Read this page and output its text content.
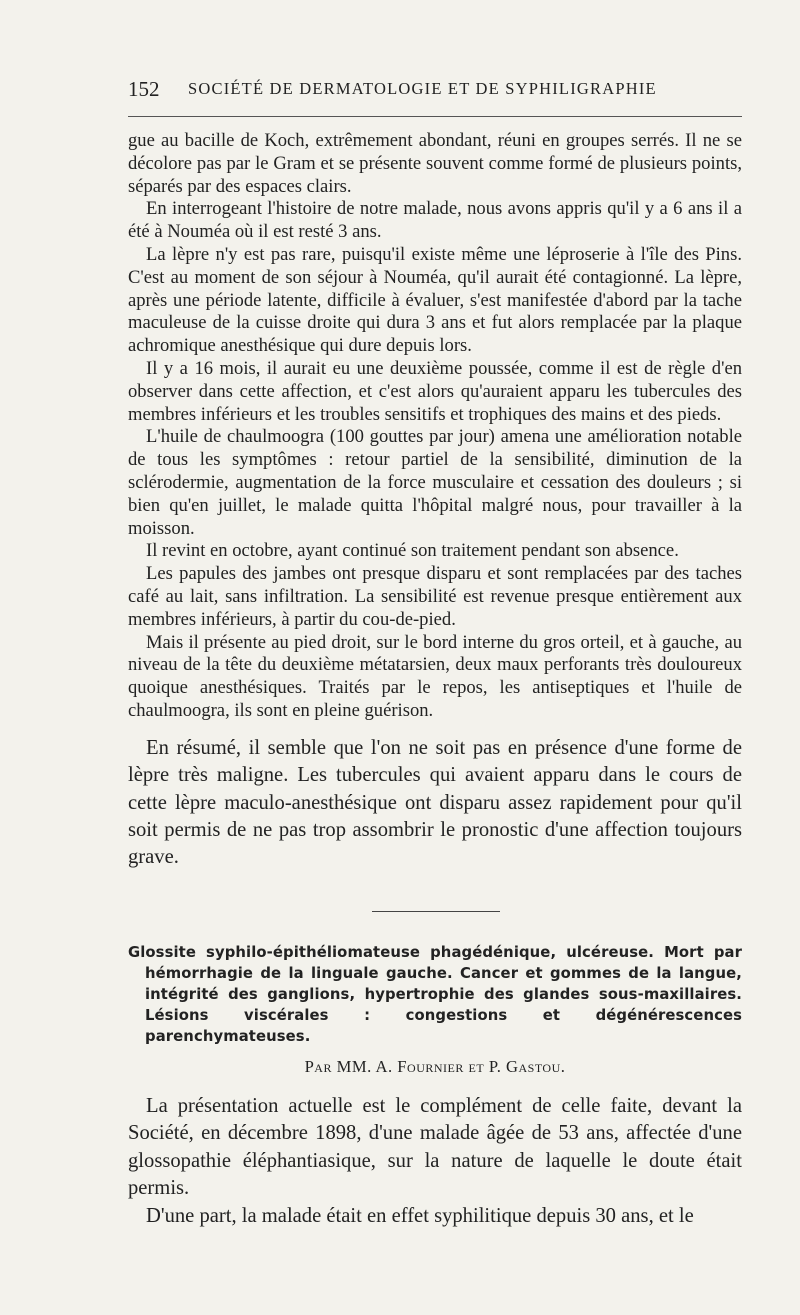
152 SOCIÉTÉ DE DERMATOLOGIE ET DE SYPHILIGRAPHIE

gue au bacille de Koch, extrêmement abondant, réuni en groupes serrés. Il ne se décolore pas par le Gram et se présente souvent comme formé de plusieurs points, séparés par des espaces clairs.

En interrogeant l'histoire de notre malade, nous avons appris qu'il y a 6 ans il a été à Nouméa où il est resté 3 ans.

La lèpre n'y est pas rare, puisqu'il existe même une léproserie à l'île des Pins. C'est au moment de son séjour à Nouméa, qu'il aurait été contagionné. La lèpre, après une période latente, difficile à évaluer, s'est manifestée d'abord par la tache maculeuse de la cuisse droite qui dura 3 ans et fut alors remplacée par la plaque achromique anesthésique qui dure depuis lors.

Il y a 16 mois, il aurait eu une deuxième poussée, comme il est de règle d'en observer dans cette affection, et c'est alors qu'auraient apparu les tubercules des membres inférieurs et les troubles sensitifs et trophiques des mains et des pieds.

L'huile de chaulmoogra (100 gouttes par jour) amena une amélioration notable de tous les symptômes : retour partiel de la sensibilité, diminution de la sclérodermie, augmentation de la force musculaire et cessation des douleurs ; si bien qu'en juillet, le malade quitta l'hôpital malgré nous, pour travailler à la moisson.

Il revint en octobre, ayant continué son traitement pendant son absence.

Les papules des jambes ont presque disparu et sont remplacées par des taches café au lait, sans infiltration. La sensibilité est revenue presque entièrement aux membres inférieurs, à partir du cou-de-pied.

Mais il présente au pied droit, sur le bord interne du gros orteil, et à gauche, au niveau de la tête du deuxième métatarsien, deux maux perforants très douloureux quoique anesthésiques. Traités par le repos, les antiseptiques et l'huile de chaulmoogra, ils sont en pleine guérison.

En résumé, il semble que l'on ne soit pas en présence d'une forme de lèpre très maligne. Les tubercules qui avaient apparu dans le cours de cette lèpre maculo-anesthésique ont disparu assez rapidement pour qu'il soit permis de ne pas trop assombrir le pronostic d'une affection toujours grave.

Glossite syphilo-épithéliomateuse phagédénique, ulcéreuse. Mort par hémorrhagie de la linguale gauche. Cancer et gommes de la langue, intégrité des ganglions, hypertrophie des glandes sous-maxillaires. Lésions viscérales : congestions et dégénérescences parenchymateuses.

Par MM. A. Fournier et P. Gastou.

La présentation actuelle est le complément de celle faite, devant la Société, en décembre 1898, d'une malade âgée de 53 ans, affectée d'une glossopathie éléphantiasique, sur la nature de laquelle le doute était permis.

D'une part, la malade était en effet syphilitique depuis 30 ans, et le
